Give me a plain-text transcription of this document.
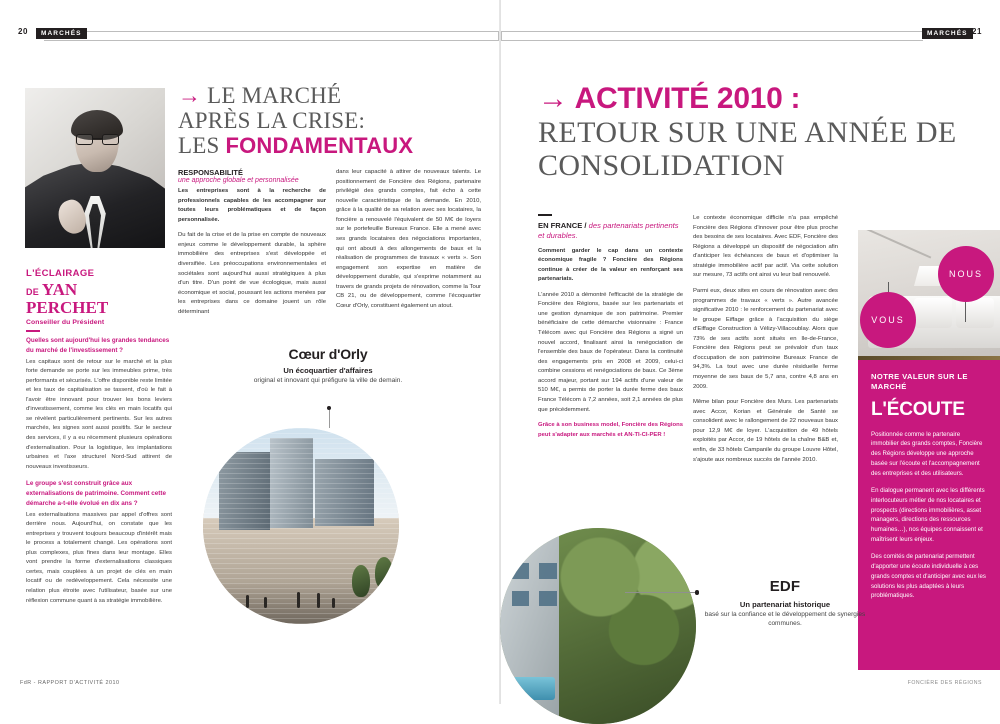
20	MARCHÉS	MARCHÉS 21
L'ÉCLAIRAGE
DE YAN
PERCHET
Conseiller du Président
Quelles sont aujourd'hui les grandes tendances du marché de l'investissement ?

Les capitaux sont de retour sur le marché et la plus forte demande se porte sur les immeubles prime, très performants et sécurisés. L'offre disponible reste limitée et les taux de capitalisation se tassent, d'où le fait à l'avoir être innovant pour trouver les bons leviers d'investissement, comme les clés en main locatifs qui se révèlent particulièrement pertinents. Sur les autres marchés, les signes sont aussi positifs. Sur le secteur des services, il y a eu récemment plusieurs opérations d'externalisation. Pour la logistique, les implantations urbaines et l'axe structurel Nord-Sud attirent de nouveaux investisseurs.

Le groupe s'est construit grâce aux externalisations de patrimoine. Comment cette démarche a-t-elle évolué en dix ans ?

Les externalisations massives par appel d'offres sont derrière nous. Aujourd'hui, on constate que les entreprises y trouvent toujours beaucoup d'intérêt mais le process a totalement changé. Les opérations sont plus complexes, plus fines dans leur montage. Elles vont prendre la forme d'externalisations classiques certes, mais couplées à un projet de clés en main locatif ou de redéveloppement. Cela nécessite une relation plus étroite avec l'utilisateur, basée sur une réflexion commune quant à sa stratégie immobilière.

→ LE MARCHÉ
APRÈS LA CRISE:
LES FONDAMENTAUX
RESPONSABILITÉ
une approche globale et personnalisée

Les entreprises sont à la recherche de professionnels capables de les accompagner sur toutes leurs problématiques et de façon personnalisée.

Du fait de la crise et de la prise en compte de nouveaux enjeux comme le développement durable, la sphère immobilière des entreprises s'est développée et diversifiée. Les préoccupations environnementales et sociétales sont aujourd'hui aussi stratégiques à plus d'un titre. D'un point de vue écologique, mais aussi économique et social, poussant les actions menées par les entreprises dans ce domaine jouent un rôle déterminant

dans leur capacité à attirer de nouveaux talents. Le positionnement de Foncière des Régions, partenaire privilégié des grands comptes, fait écho à cette nouvelle caractéristique de la demande. En 2010, grâce à la qualité de sa relation avec ses locataires, la foncière a renouvelé l'équivalent de 50 M€ de loyers sur le portefeuille Bureaux France. Elle a mené avec ses grands locataires des négociations importantes, qui ont abouti à des allongements de baux et la réalisation de programmes de travaux « verts ». Son engagement son expertise en matière de développement durable, qui s'exprime notamment au travers de grands projets de rénovation, comme la Tour CB 21, ou de développement, comme l'écoquartier Cœur d'Orly, constituent également un atout.

Cœur d'Orly
Un écoquartier d'affaires
original et innovant qui préfigure la ville de demain.
FdR - RAPPORT D'ACTIVITÉ 2010
→ ACTIVITÉ 2010 :
RETOUR SUR UNE ANNÉE DE CONSOLIDATION
EN FRANCE / des partenariats pertinents et durables.

Comment garder le cap dans un contexte économique fragile ? Foncière des Régions continue à créer de la valeur en renforçant ses partenariats.

L'année 2010 a démontré l'efficacité de la stratégie de Foncière des Régions, basée sur les partenariats et une gestion dynamique de son patrimoine. Premier bénéficiaire de cette démarche visionnaire : France Télécom avec qui Foncière des Régions a signé un nouvel accord, finalisant ainsi la renégociation de l'ensemble des baux de l'opérateur. Dans la continuité des engagements pris en 2008 et 2009, celui-ci combine cessions et renégociations de baux. Ce 3ème accord majeur, portant sur 194 actifs d'une valeur de 510 M€, a permis de porter la durée ferme des baux France Télécom à 7,2 années, soit 2,1 années de plus que précédemment.

Grâce à son business model, Foncière des Régions peut s'adapter aux marchés et AN-TI-CI-PER !

Le contexte économique difficile n'a pas empêché Foncière des Régions d'innover pour être plus proche des besoins de ses locataires. Avec EDF, Foncière des Régions a développé un dispositif de négociation afin d'anticiper les échéances de baux et d'optimiser la stratégie immobilière actif par actif. Via cette solution sur mesure, 73 actifs ont ainsi vu leur bail renouvelé.

Parmi eux, deux sites en cours de rénovation avec des programmes de travaux « verts ». Autre avancée significative 2010 : le renforcement du partenariat avec le groupe Eiffage grâce à l'acquisition du siège d'Eiffage Construction à Vélizy-Villacoublay. Alors que 73% de ses actifs sont situés en Ile-de-France, Foncière des Régions peut se prévaloir d'un taux d'occupation de son patrimoine Bureaux France de 94,3%. La tout avec une durée résiduelle ferme moyenne de ses baux de 5,7 ans, contre 4,8 ans en 2009.

Même bilan pour Foncière des Murs. Les partenariats avec Accor, Korian et Générale de Santé se consolident avec le rallongement de 22 nouveaux baux pour 12,9 M€ de loyer. L'acquisition de 49 hôtels exploités par Accor, de 19 hôtels de la chaîne B&B et, enfin, de 33 hôtels Campanile du groupe Louvre Hôtel, s'ajoute aux nombreux succès de l'année 2010.

NOUS
VOUS
NOTRE VALEUR SUR LE MARCHÉ
L'ÉCOUTE

Positionnée comme le partenaire immobilier des grands comptes, Foncière des Régions développe une approche basée sur l'écoute et l'accompagnement des entreprises et des utilisateurs.

En dialogue permanent avec les différents interlocuteurs métier de nos locataires et prospects (directions immobilières, asset managers, directions des ressources humaines…), nos équipes connaissent et maîtrisent leurs enjeux.

Des comités de partenariat permettent d'apporter une écoute individuelle à ces grands comptes et d'anticiper avec eux les solutions les plus adaptées à leurs problématiques.

EDF
Un partenariat historique
basé sur la confiance et le développement de synergies communes.
FONCIÈRE DES RÉGIONS
